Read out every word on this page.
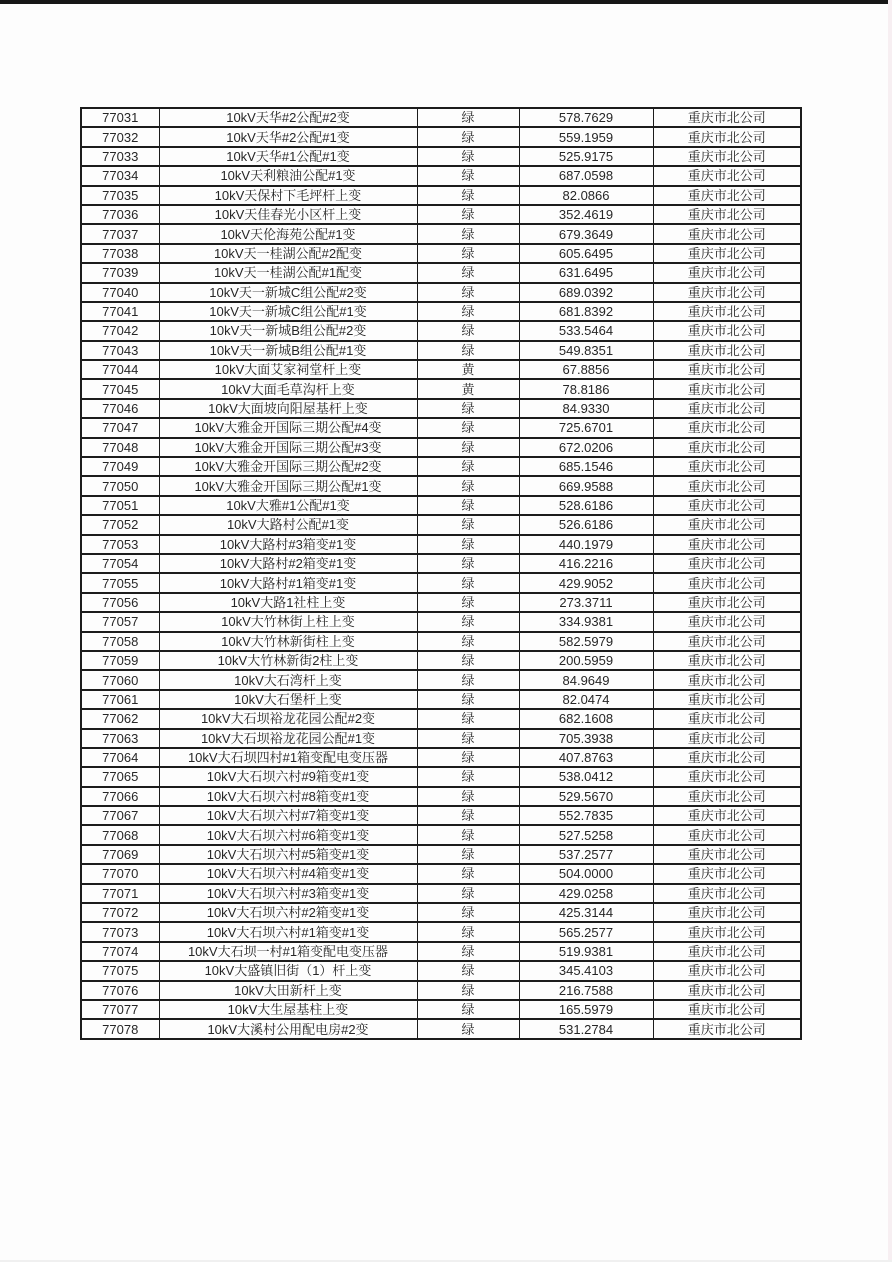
77031	10kV天华#2公配#2变	绿	578.7629	重庆市北公司
77032	10kV天华#2公配#1变	绿	559.1959	重庆市北公司
77033	10kV天华#1公配#1变	绿	525.9175	重庆市北公司
77034	10kV天利粮油公配#1变	绿	687.0598	重庆市北公司
77035	10kV天保村下毛坪杆上变	绿	82.0866	重庆市北公司
77036	10kV天佳春光小区杆上变	绿	352.4619	重庆市北公司
77037	10kV天伦海苑公配#1变	绿	679.3649	重庆市北公司
77038	10kV天一桂湖公配#2配变	绿	605.6495	重庆市北公司
77039	10kV天一桂湖公配#1配变	绿	631.6495	重庆市北公司
77040	10kV天一新城C组公配#2变	绿	689.0392	重庆市北公司
77041	10kV天一新城C组公配#1变	绿	681.8392	重庆市北公司
77042	10kV天一新城B组公配#2变	绿	533.5464	重庆市北公司
77043	10kV天一新城B组公配#1变	绿	549.8351	重庆市北公司
77044	10kV大面艾家祠堂杆上变	黄	67.8856	重庆市北公司
77045	10kV大面毛草沟杆上变	黄	78.8186	重庆市北公司
77046	10kV大面坡向阳屋基杆上变	绿	84.9330	重庆市北公司
77047	10kV大雅金开国际三期公配#4变	绿	725.6701	重庆市北公司
77048	10kV大雅金开国际三期公配#3变	绿	672.0206	重庆市北公司
77049	10kV大雅金开国际三期公配#2变	绿	685.1546	重庆市北公司
77050	10kV大雅金开国际三期公配#1变	绿	669.9588	重庆市北公司
77051	10kV大雅#1公配#1变	绿	528.6186	重庆市北公司
77052	10kV大路村公配#1变	绿	526.6186	重庆市北公司
77053	10kV大路村#3箱变#1变	绿	440.1979	重庆市北公司
77054	10kV大路村#2箱变#1变	绿	416.2216	重庆市北公司
77055	10kV大路村#1箱变#1变	绿	429.9052	重庆市北公司
77056	10kV大路1社柱上变	绿	273.3711	重庆市北公司
77057	10kV大竹林街上柱上变	绿	334.9381	重庆市北公司
77058	10kV大竹林新街柱上变	绿	582.5979	重庆市北公司
77059	10kV大竹林新街2柱上变	绿	200.5959	重庆市北公司
77060	10kV大石湾杆上变	绿	84.9649	重庆市北公司
77061	10kV大石堡杆上变	绿	82.0474	重庆市北公司
77062	10kV大石坝裕龙花园公配#2变	绿	682.1608	重庆市北公司
77063	10kV大石坝裕龙花园公配#1变	绿	705.3938	重庆市北公司
77064	10kV大石坝四村#1箱变配电变压器	绿	407.8763	重庆市北公司
77065	10kV大石坝六村#9箱变#1变	绿	538.0412	重庆市北公司
77066	10kV大石坝六村#8箱变#1变	绿	529.5670	重庆市北公司
77067	10kV大石坝六村#7箱变#1变	绿	552.7835	重庆市北公司
77068	10kV大石坝六村#6箱变#1变	绿	527.5258	重庆市北公司
77069	10kV大石坝六村#5箱变#1变	绿	537.2577	重庆市北公司
77070	10kV大石坝六村#4箱变#1变	绿	504.0000	重庆市北公司
77071	10kV大石坝六村#3箱变#1变	绿	429.0258	重庆市北公司
77072	10kV大石坝六村#2箱变#1变	绿	425.3144	重庆市北公司
77073	10kV大石坝六村#1箱变#1变	绿	565.2577	重庆市北公司
77074	10kV大石坝一村#1箱变配电变压器	绿	519.9381	重庆市北公司
77075	10kV大盛镇旧街（1）杆上变	绿	345.4103	重庆市北公司
77076	10kV大田新杆上变	绿	216.7588	重庆市北公司
77077	10kV大生屋基柱上变	绿	165.5979	重庆市北公司
77078	10kV大溪村公用配电房#2变	绿	531.2784	重庆市北公司
